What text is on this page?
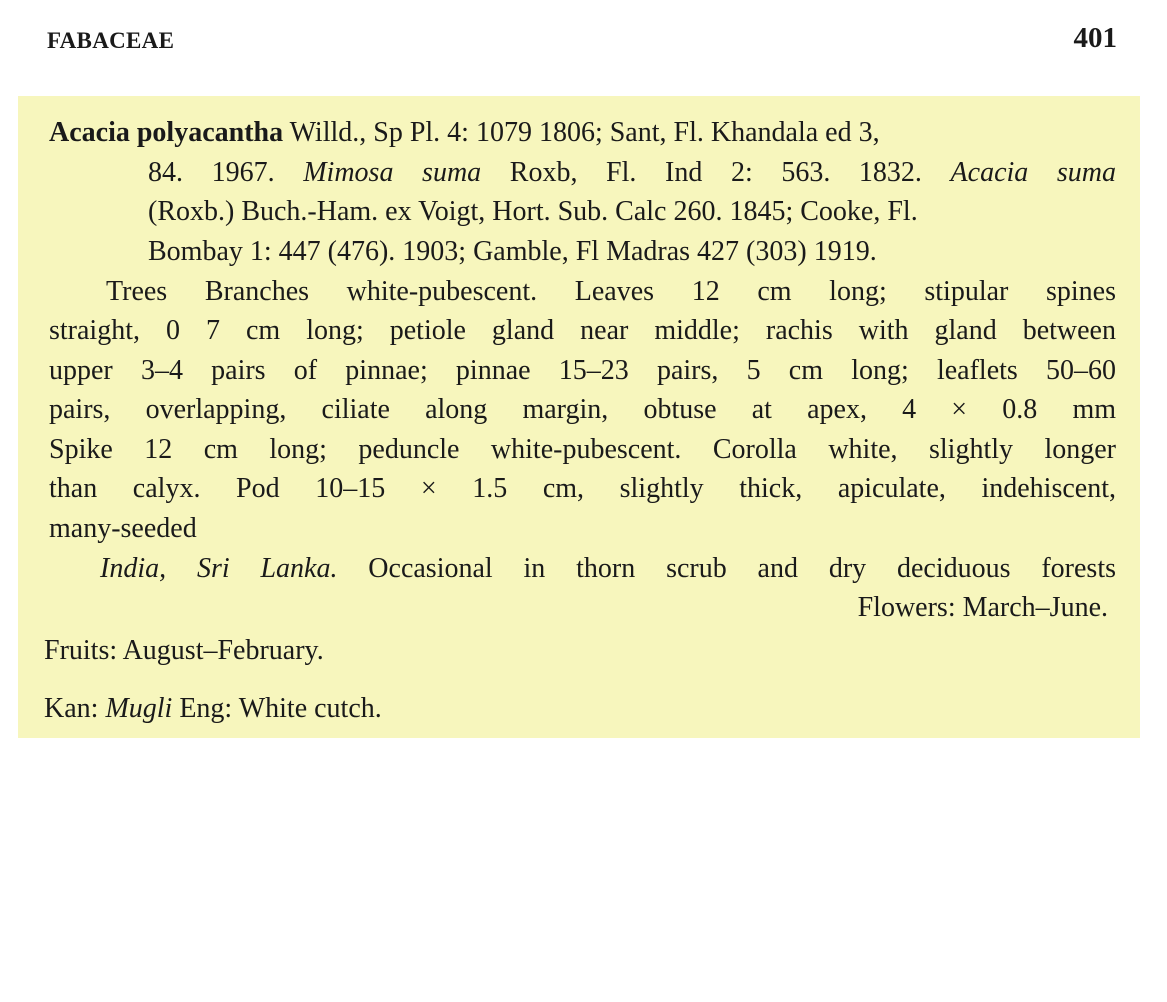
FABACEAE	401

Acacia polyacantha Willd., Sp Pl. 4: 1079 1806; Sant, Fl. Khandala ed 3,

84. 1967. Mimosa suma Roxb, Fl. Ind 2: 563. 1832. Acacia suma

(Roxb.) Buch.-Ham. ex Voigt, Hort. Sub. Calc 260. 1845; Cooke, Fl.

Bombay 1: 447 (476). 1903; Gamble, Fl Madras 427 (303) 1919.

Trees Branches white-pubescent. Leaves 12 cm long; stipular spines

straight, 0 7 cm long; petiole gland near middle; rachis with gland between

upper 3–4 pairs of pinnae; pinnae 15–23 pairs, 5 cm long; leaflets 50–60

pairs, overlapping, ciliate along margin, obtuse at apex, 4 × 0.8 mm

Spike 12 cm long; peduncle white-pubescent. Corolla white, slightly longer

than calyx. Pod 10–15 × 1.5 cm, slightly thick, apiculate, indehiscent,

many-seeded

India, Sri Lanka. Occasional in thorn scrub and dry deciduous forests

Flowers: March–June.

Fruits: August–February.

Kan: Mugli Eng: White cutch.
